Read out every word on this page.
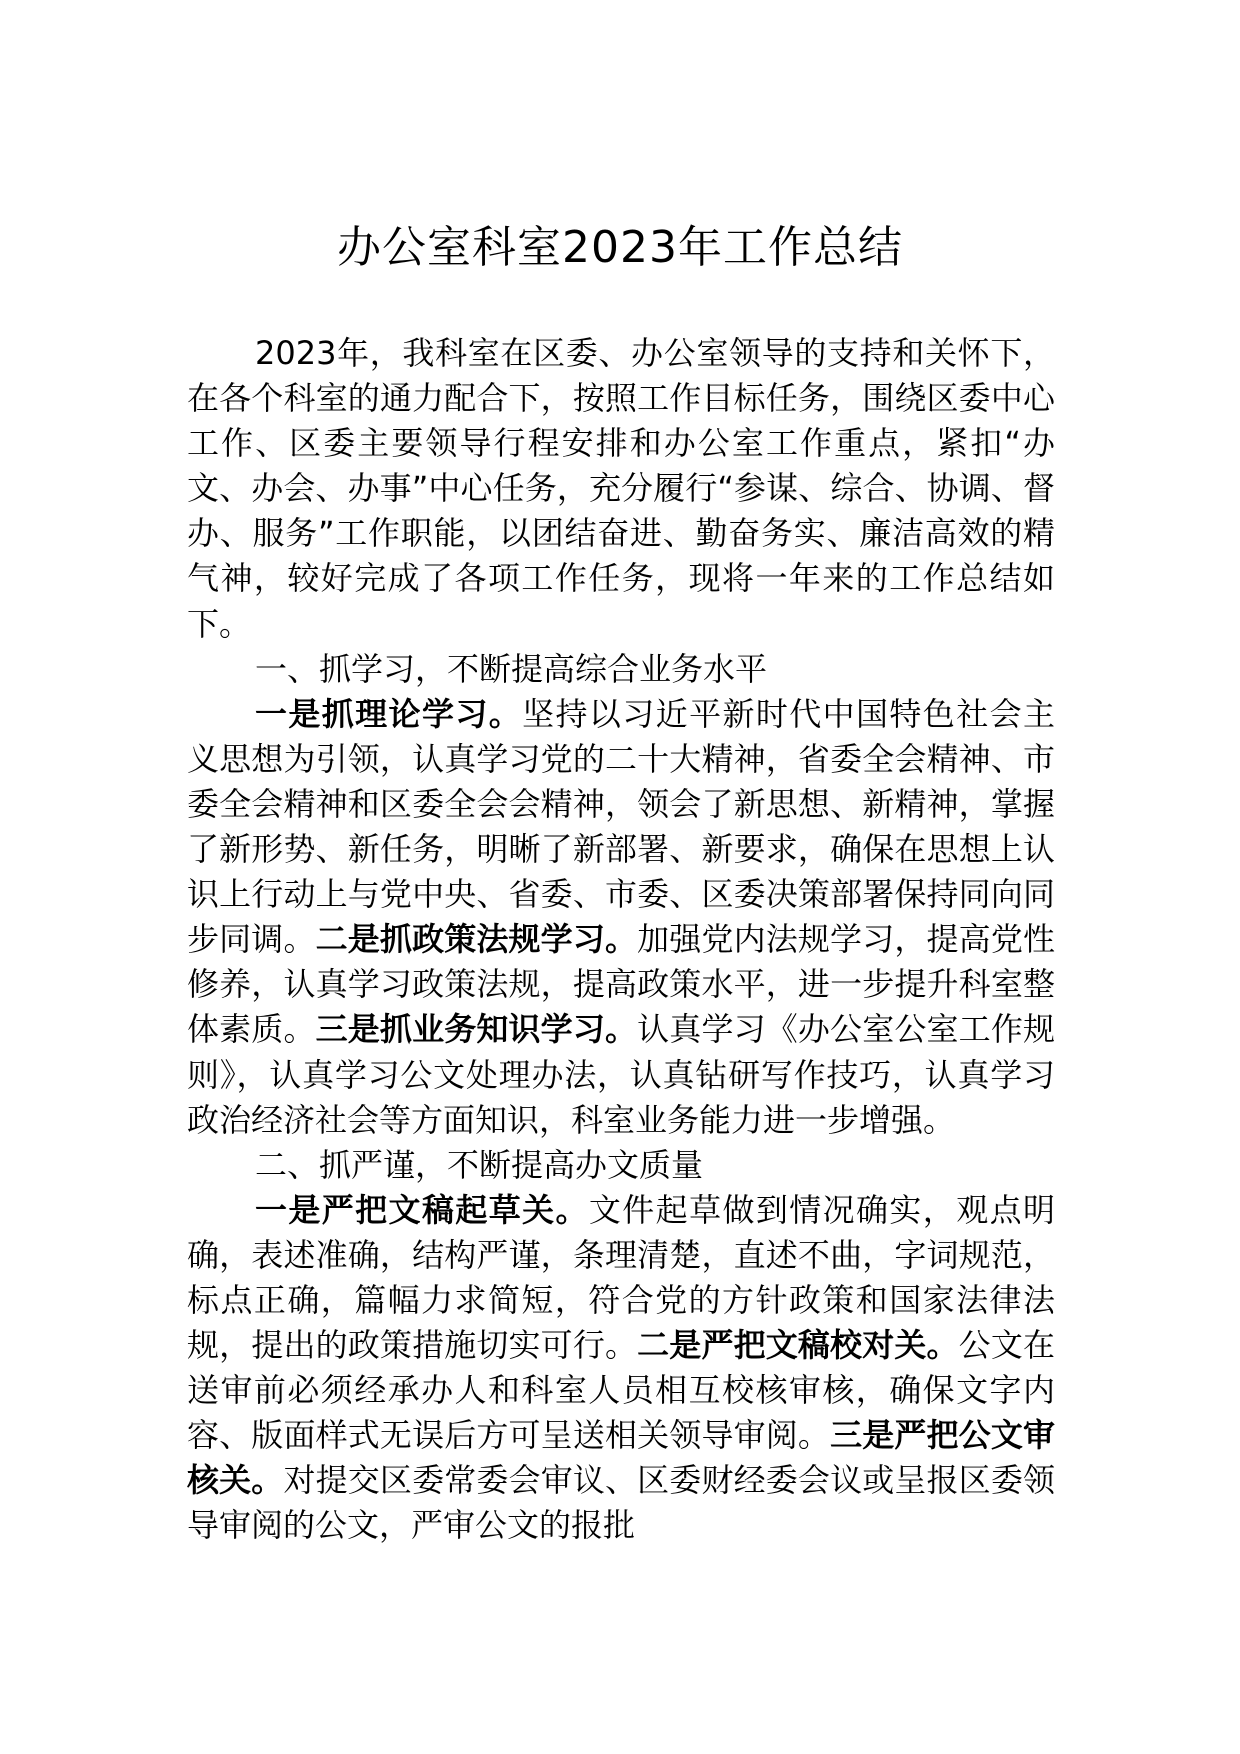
办公室科室2023年工作总结

2023年，我科室在区委、办公室领导的支持和关怀下，在各个科室的通力配合下，按照工作目标任务，围绕区委中心工作、区委主要领导行程安排和办公室工作重点，紧扣“办文、办会、办事”中心任务，充分履行“参谋、综合、协调、督办、服务”工作职能，以团结奋进、勤奋务实、廉洁高效的精气神，较好完成了各项工作任务，现将一年来的工作总结如下。

一、抓学习，不断提高综合业务水平

一是抓理论学习。坚持以习近平新时代中国特色社会主义思想为引领，认真学习党的二十大精神，省委全会精神、市委全会精神和区委全会会精神，领会了新思想、新精神，掌握了新形势、新任务，明晰了新部署、新要求，确保在思想上认识上行动上与党中央、省委、市委、区委决策部署保持同向同步同调。二是抓政策法规学习。加强党内法规学习，提高党性修养，认真学习政策法规，提高政策水平，进一步提升科室整体素质。三是抓业务知识学习。认真学习《办公室公室工作规则》，认真学习公文处理办法，认真钻研写作技巧，认真学习政治经济社会等方面知识，科室业务能力进一步增强。

二、抓严谨，不断提高办文质量

一是严把文稿起草关。文件起草做到情况确实，观点明确，表述准确，结构严谨，条理清楚，直述不曲，字词规范，标点正确，篇幅力求简短，符合党的方针政策和国家法律法规，提出的政策措施切实可行。二是严把文稿校对关。公文在送审前必须经承办人和科室人员相互校核审核，确保文字内容、版面样式无误后方可呈送相关领导审阅。三是严把公文审核关。对提交区委常委会审议、区委财经委会议或呈报区委领导审阅的公文，严审公文的报批
